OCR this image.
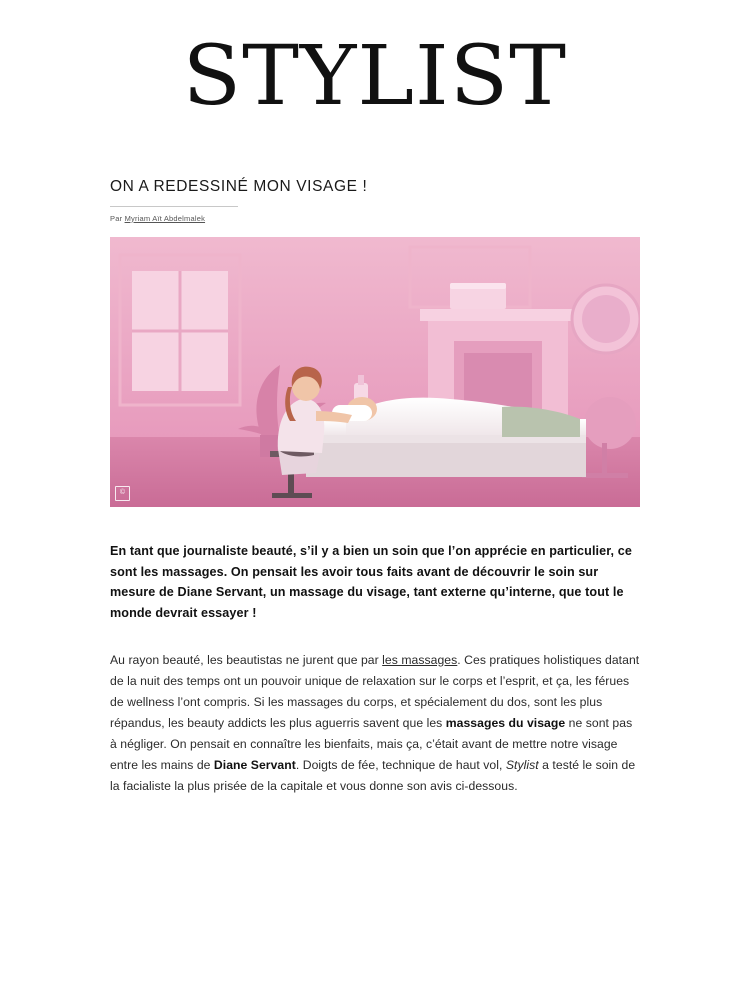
STYLIST
ON A REDESSINÉ MON VISAGE !

Par Myriam Aït Abdelmalek

©

En tant que journaliste beauté, s’il y a bien un soin que l’on apprécie en particulier, ce sont les massages. On pensait les avoir tous faits avant de découvrir le soin sur mesure de Diane Servant, un massage du visage, tant externe qu’interne, que tout le monde devrait essayer !

Au rayon beauté, les beautistas ne jurent que par les massages. Ces pratiques holistiques datant de la nuit des temps ont un pouvoir unique de relaxation sur le corps et l’esprit, et ça, les férues de wellness l’ont compris. Si les massages du corps, et spécialement du dos, sont les plus répandus, les beauty addicts les plus aguerris savent que les massages du visage ne sont pas à négliger. On pensait en connaître les bienfaits, mais ça, c’était avant de mettre notre visage entre les mains de Diane Servant. Doigts de fée, technique de haut vol, Stylist a testé le soin de la facialiste la plus prisée de la capitale et vous donne son avis ci-dessous.
